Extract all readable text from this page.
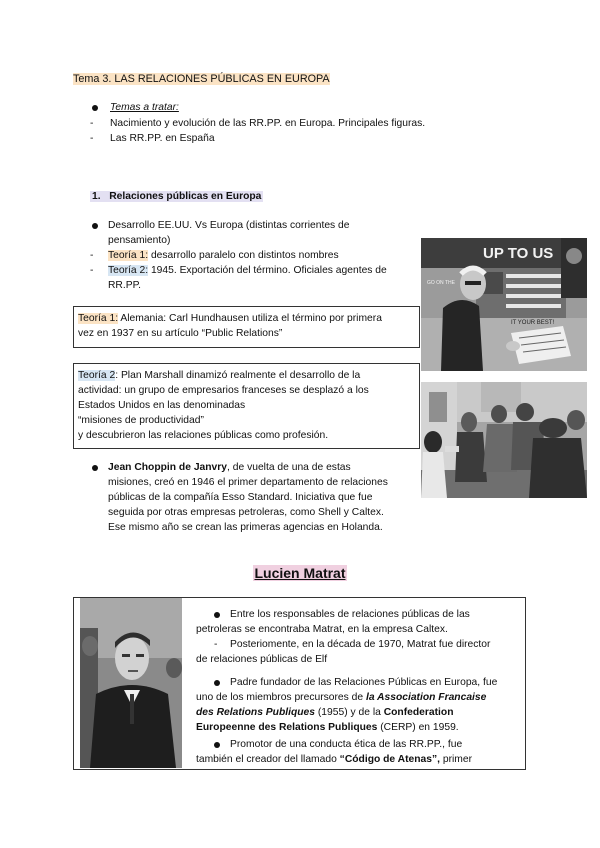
Tema 3. LAS RELACIONES PÚBLICAS EN EUROPA
Temas a tratar:
- Nacimiento y evolución de las RR.PP. en Europa. Principales figuras.
- Las RR.PP. en España
1. Relaciones públicas en Europa
Desarrollo EE.UU. Vs Europa (distintas corrientes de
pensamiento)
- Teoría 1: desarrollo paralelo con distintos nombres
- Teoría 2: 1945. Exportación del término. Oficiales agentes de
RR.PP.
UP TO US
IT YOUR BEST!
GO ON THE
Teoría 1: Alemania: Carl Hundhausen utiliza el término por primera
vez en 1937 en su artículo “Public Relations”
Teoría 2: Plan Marshall dinamizó realmente el desarrollo de la
actividad: un grupo de empresarios franceses se desplazó a los
Estados Unidos en las denominadas
“misiones de productividad”
y descubrieron las relaciones públicas como profesión.
Jean Choppin de Janvry, de vuelta de una de estas
misiones, creó en 1946 el primer departamento de relaciones
públicas de la compañía Esso Standard. Iniciativa que fue
seguida por otras empresas petroleras, como Shell y Caltex.
Ese mismo año se crean las primeras agencias en Holanda.
Lucien Matrat
Entre los responsables de relaciones públicas de las
petroleras se encontraba Matrat, en la empresa Caltex.
- Posteriomente, en la década de 1970, Matrat fue director
de relaciones públicas de Elf
Padre fundador de las Relaciones Públicas en Europa, fue
uno de los miembros precursores de la Association Francaise
des Relations Publiques (1955) y de la Confederation
Europeenne des Relations Publiques (CERP) en 1959.
Promotor de una conducta ética de las RR.PP., fue
también el creador del llamado “Código de Atenas”, primer
